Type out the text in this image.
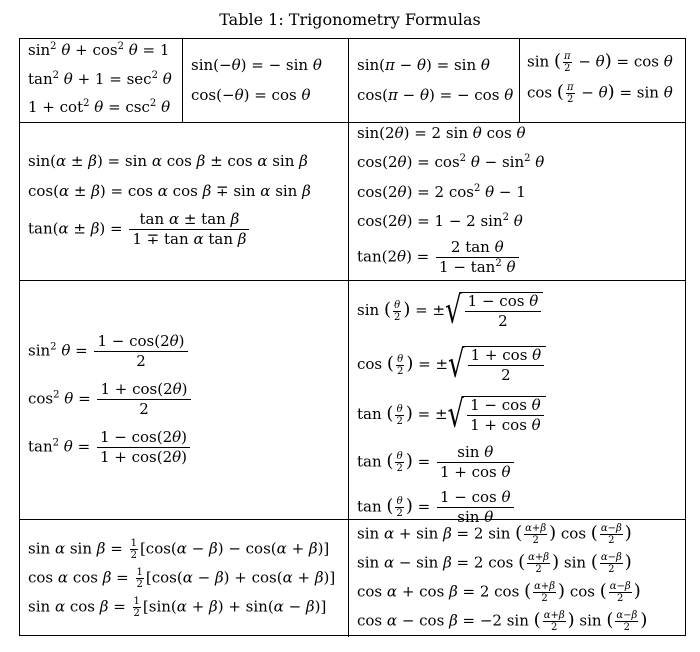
Table 1: Trigonometry Formulas
$\sin^2 \theta + \cos^2 \theta = 1$
$\tan^2 \theta + 1 = \sec^2 \theta$
$1 + \cot^2 \theta = \csc^2 \theta$
sin(−θ) = − sin θ
cos(−θ) = cos θ
sin(π − θ) = sin θ
cos(π − θ) = − cos θ
sin ( $\frac{\pi}{2} - \theta) = \cos \theta$
cos ( $\frac{\pi}{2} - \theta) = \sin \theta$
sin(α ± β) = sin α cos β ± cos α sin β
cos(α ± β) = cos α cos β ∓ sin α sin β
$\tan(\alpha \pm \beta) = \frac{\text{tan α ± tan β}}{\text{1 ∓ tan α tan β}}$
sin(2θ) = 2 sin θ cos θ
$\cos(2\theta) = \cos^2 \theta - \sin^2 \theta$
cos(2θ) = 2 $\cos^2 \theta - 1$
cos(2θ) = 1 − 2 $\sin^2 \theta$
$\tan(2\theta) = \frac{\text{2 tan θ}}{1 - \tan^2 \theta}$
$\sin^2 \theta = \frac{1 - \cos(2\theta)}{2}$
$\cos^2 \theta = \frac{1 + \cos(2\theta)}{2}$
$\tan^2 \theta = \frac{1 - \cos(2\theta)}{1 + \cos(2\theta)}$
sin ( $\frac{\theta}{2}$ ) = ±√ $\frac{\text{1 − cos θ}}{2}$
cos ( $\frac{\theta}{2}$ ) = ±√ $\frac{\text{1 + cos θ}}{2}$
tan ( $\frac{\theta}{2}$ ) = ±√ $\frac{\text{1 − cos θ}}{\text{1 + cos θ}}$
tan ( $\frac{\theta}{2}$ ) = $\frac{\text{sin θ}}{\text{1 + cos θ}}$
tan ( $\frac{\theta}{2}$ ) = $\frac{\text{1 − cos θ}}{\text{sin θ}}$
sin α $\sin \beta = \frac{1}{2} [\cos(\alpha - \beta) - \cos(\alpha + \beta)]$
cos α $\cos \beta = \frac{1}{2} [\cos(\alpha - \beta) + \cos(\alpha + \beta)]$
sin α $\cos \beta = \frac{1}{2} [\sin(\alpha + \beta) + \sin(\alpha - \beta)]$
sin α + sin β = 2 sin ( $\frac{\alpha+\beta}{2}$ ) cos ( $\frac{\alpha-\beta}{2}$ )
sin α − sin β = 2 cos ( $\frac{\alpha+\beta}{2}$ ) sin ( $\frac{\alpha-\beta}{2}$ )
cos α + cos β = 2 cos ( $\frac{\alpha+\beta}{2}$ ) cos ( $\frac{\alpha-\beta}{2}$ )
cos α − cos β = −2 sin ( $\frac{\alpha+\beta}{2}$ ) sin ( $\frac{\alpha-\beta}{2}$ )
